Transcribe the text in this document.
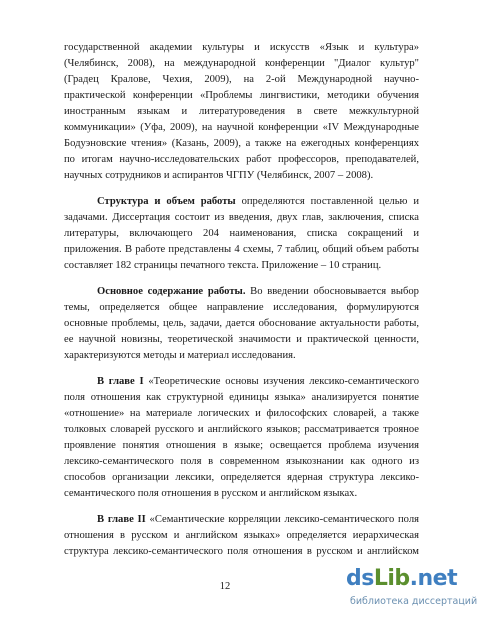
государственной академии культуры и искусств «Язык и культура»
(Челябинск, 2008), на международной конференции "Диалог культур"
(Градец Кралове, Чехия, 2009), на 2-ой Международной научно-
практической конференции «Проблемы лингвистики, методики обучения
иностранным языкам и литературоведения в свете межкультурной
коммуникации» (Уфа, 2009), на научной конференции «IV Международные
Бодуэновские чтения» (Казань, 2009), а также на ежегодных конференциях
по итогам научно-исследовательских работ профессоров, преподавателей,
научных сотрудников и аспирантов ЧГПУ (Челябинск, 2007 – 2008).
Структура и объем работы определяются поставленной целью и
задачами. Диссертация состоит из введения, двух глав, заключения, списка
литературы, включающего 204 наименования, списка сокращений и
приложения. В работе представлены 4 схемы, 7 таблиц, общий объем работы
составляет 182 страницы печатного текста. Приложение – 10 страниц.
Основное содержание работы. Во введении обосновывается выбор
темы, определяется общее направление исследования, формулируются
основные проблемы, цель, задачи, дается обоснование актуальности работы,
ее научной новизны, теоретической значимости и практической ценности,
характеризуются методы и материал исследования.
В главе I «Теоретические основы изучения лексико-семантического
поля отношения как структурной единицы языка» анализируется понятие
«отношение» на материале логических и философских словарей, а также
толковых словарей русского и английского языков; рассматривается трояное
проявление понятия отношения в языке; освещается проблема изучения
лексико-семантического поля в современном языкознании как одного из
способов организации лексики, определяется ядерная структура лексико-
семантического поля отношения в русском и английском языках.
В главе II «Семантические корреляции лексико-семантического поля
отношения в русском и английском языках» определяется иерархическая
структура лексико-семантического поля отношения в русском и английском
12	dsLib.net
библиотека диссертаций
